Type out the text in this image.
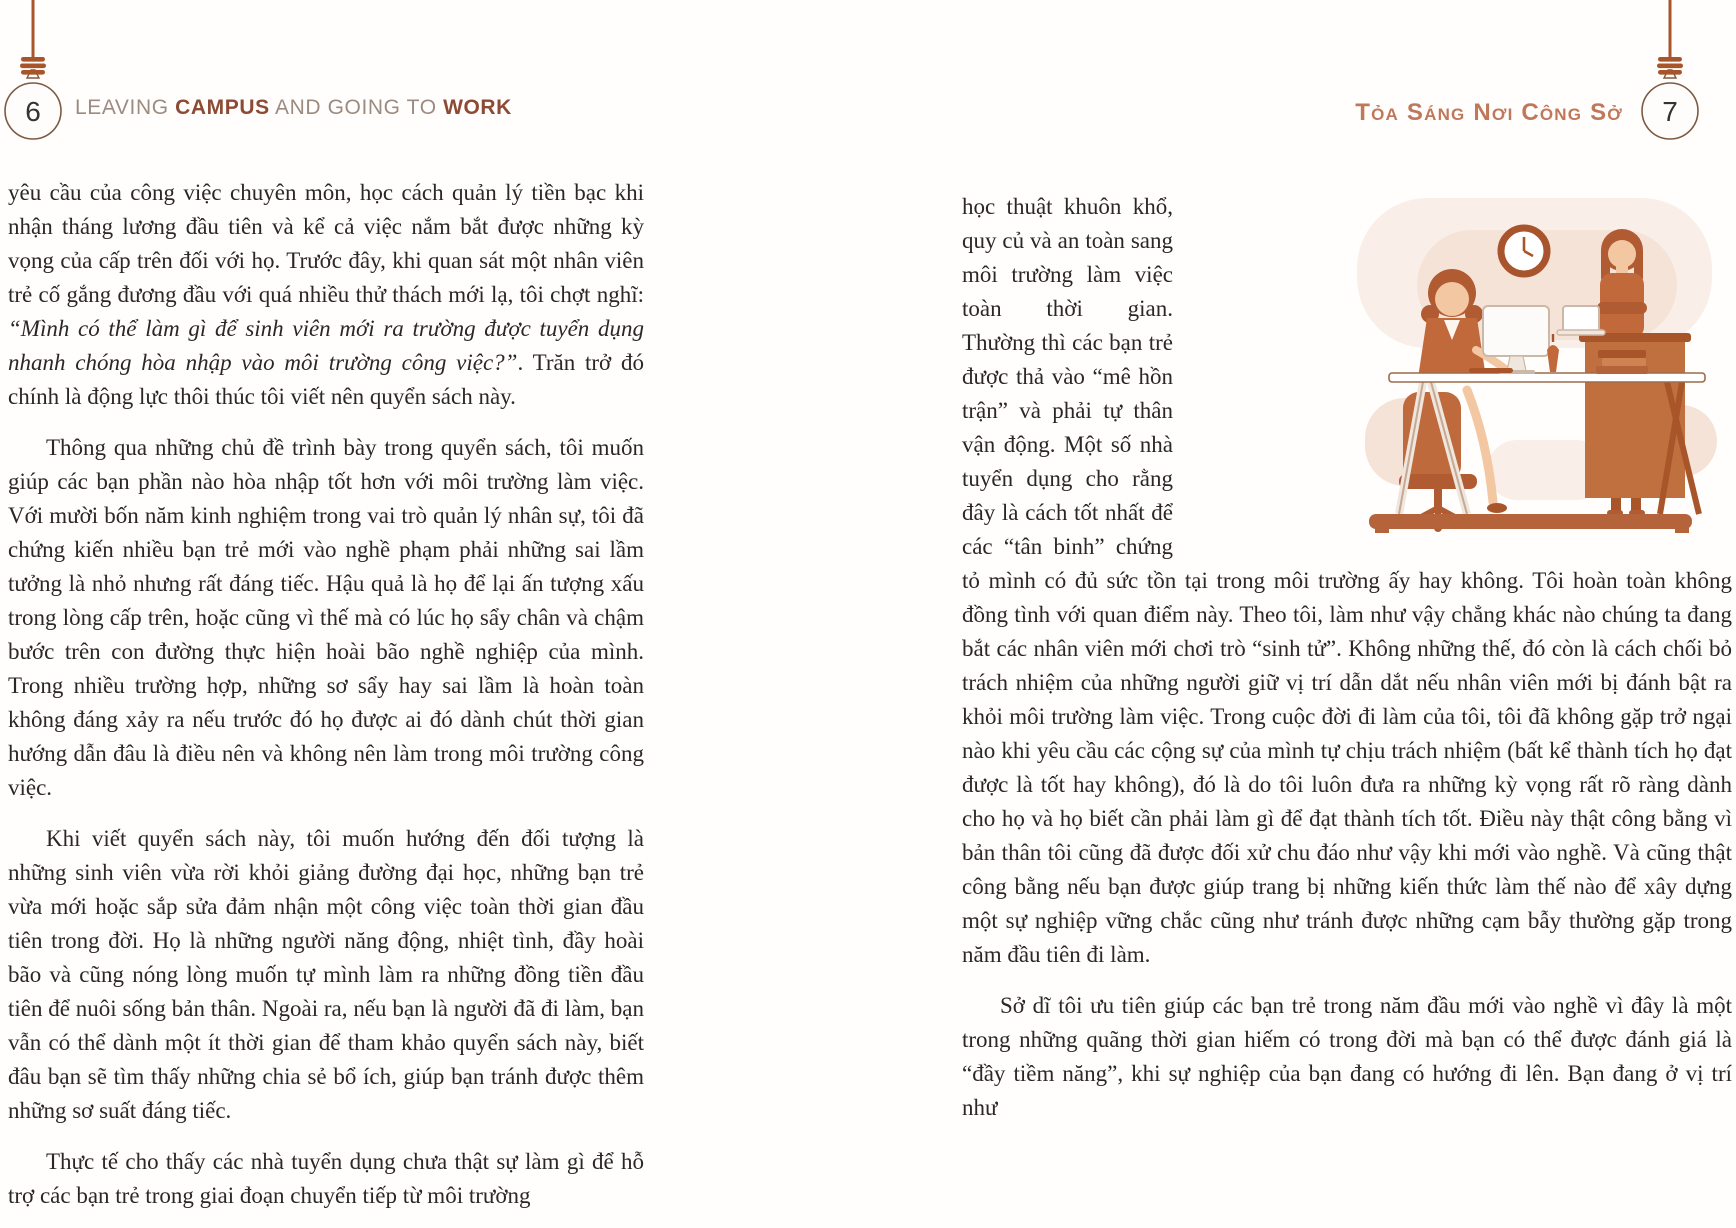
6 LEAVING CAMPUS AND GOING TO WORK	Tỏa Sáng Nơi Công Sở 7

yêu cầu của công việc chuyên môn, học cách quản lý tiền bạc khi nhận tháng lương đầu tiên và kể cả việc nắm bắt được những kỳ vọng của cấp trên đối với họ. Trước đây, khi quan sát một nhân viên trẻ cố gắng đương đầu với quá nhiều thử thách mới lạ, tôi chợt nghĩ: “Mình có thể làm gì để sinh viên mới ra trường được tuyển dụng nhanh chóng hòa nhập vào môi trường công việc?”. Trăn trở đó chính là động lực thôi thúc tôi viết nên quyển sách này.

Thông qua những chủ đề trình bày trong quyển sách, tôi muốn giúp các bạn phần nào hòa nhập tốt hơn với môi trường làm việc. Với mười bốn năm kinh nghiệm trong vai trò quản lý nhân sự, tôi đã chứng kiến nhiều bạn trẻ mới vào nghề phạm phải những sai lầm tưởng là nhỏ nhưng rất đáng tiếc. Hậu quả là họ để lại ấn tượng xấu trong lòng cấp trên, hoặc cũng vì thế mà có lúc họ sẩy chân và chậm bước trên con đường thực hiện hoài bão nghề nghiệp của mình. Trong nhiều trường hợp, những sơ sẩy hay sai lầm là hoàn toàn không đáng xảy ra nếu trước đó họ được ai đó dành chút thời gian hướng dẫn đâu là điều nên và không nên làm trong môi trường công việc.

Khi viết quyển sách này, tôi muốn hướng đến đối tượng là những sinh viên vừa rời khỏi giảng đường đại học, những bạn trẻ vừa mới hoặc sắp sửa đảm nhận một công việc toàn thời gian đầu tiên trong đời. Họ là những người năng động, nhiệt tình, đầy hoài bão và cũng nóng lòng muốn tự mình làm ra những đồng tiền đầu tiên để nuôi sống bản thân. Ngoài ra, nếu bạn là người đã đi làm, bạn vẫn có thể dành một ít thời gian để tham khảo quyển sách này, biết đâu bạn sẽ tìm thấy những chia sẻ bổ ích, giúp bạn tránh được thêm những sơ suất đáng tiếc.

Thực tế cho thấy các nhà tuyển dụng chưa thật sự làm gì để hỗ trợ các bạn trẻ trong giai đoạn chuyển tiếp từ môi trường

học thuật khuôn khổ, quy củ và an toàn sang môi trường làm việc toàn thời gian. Thường thì các bạn trẻ được thả vào “mê hồn trận” và phải tự thân vận động. Một số nhà tuyển dụng cho rằng đây là cách tốt nhất để các “tân binh” chứng tỏ mình có đủ sức tồn tại trong môi trường ấy hay không. Tôi hoàn toàn không đồng tình với quan điểm này. Theo tôi, làm như vậy chẳng khác nào chúng ta đang bắt các nhân viên mới chơi trò “sinh tử”. Không những thế, đó còn là cách chối bỏ trách nhiệm của những người giữ vị trí dẫn dắt nếu nhân viên mới bị đánh bật ra khỏi môi trường làm việc. Trong cuộc đời đi làm của tôi, tôi đã không gặp trở ngại nào khi yêu cầu các cộng sự của mình tự chịu trách nhiệm (bất kể thành tích họ đạt được là tốt hay không), đó là do tôi luôn đưa ra những kỳ vọng rất rõ ràng dành cho họ và họ biết cần phải làm gì để đạt thành tích tốt. Điều này thật công bằng vì bản thân tôi cũng đã được đối xử chu đáo như vậy khi mới vào nghề. Và cũng thật công bằng nếu bạn được giúp trang bị những kiến thức làm thế nào để xây dựng một sự nghiệp vững chắc cũng như tránh được những cạm bẫy thường gặp trong năm đầu tiên đi làm.

Sở dĩ tôi ưu tiên giúp các bạn trẻ trong năm đầu mới vào nghề vì đây là một trong những quãng thời gian hiếm có trong đời mà bạn có thể được đánh giá là “đầy tiềm năng”, khi sự nghiệp của bạn đang có hướng đi lên. Bạn đang ở vị trí như
